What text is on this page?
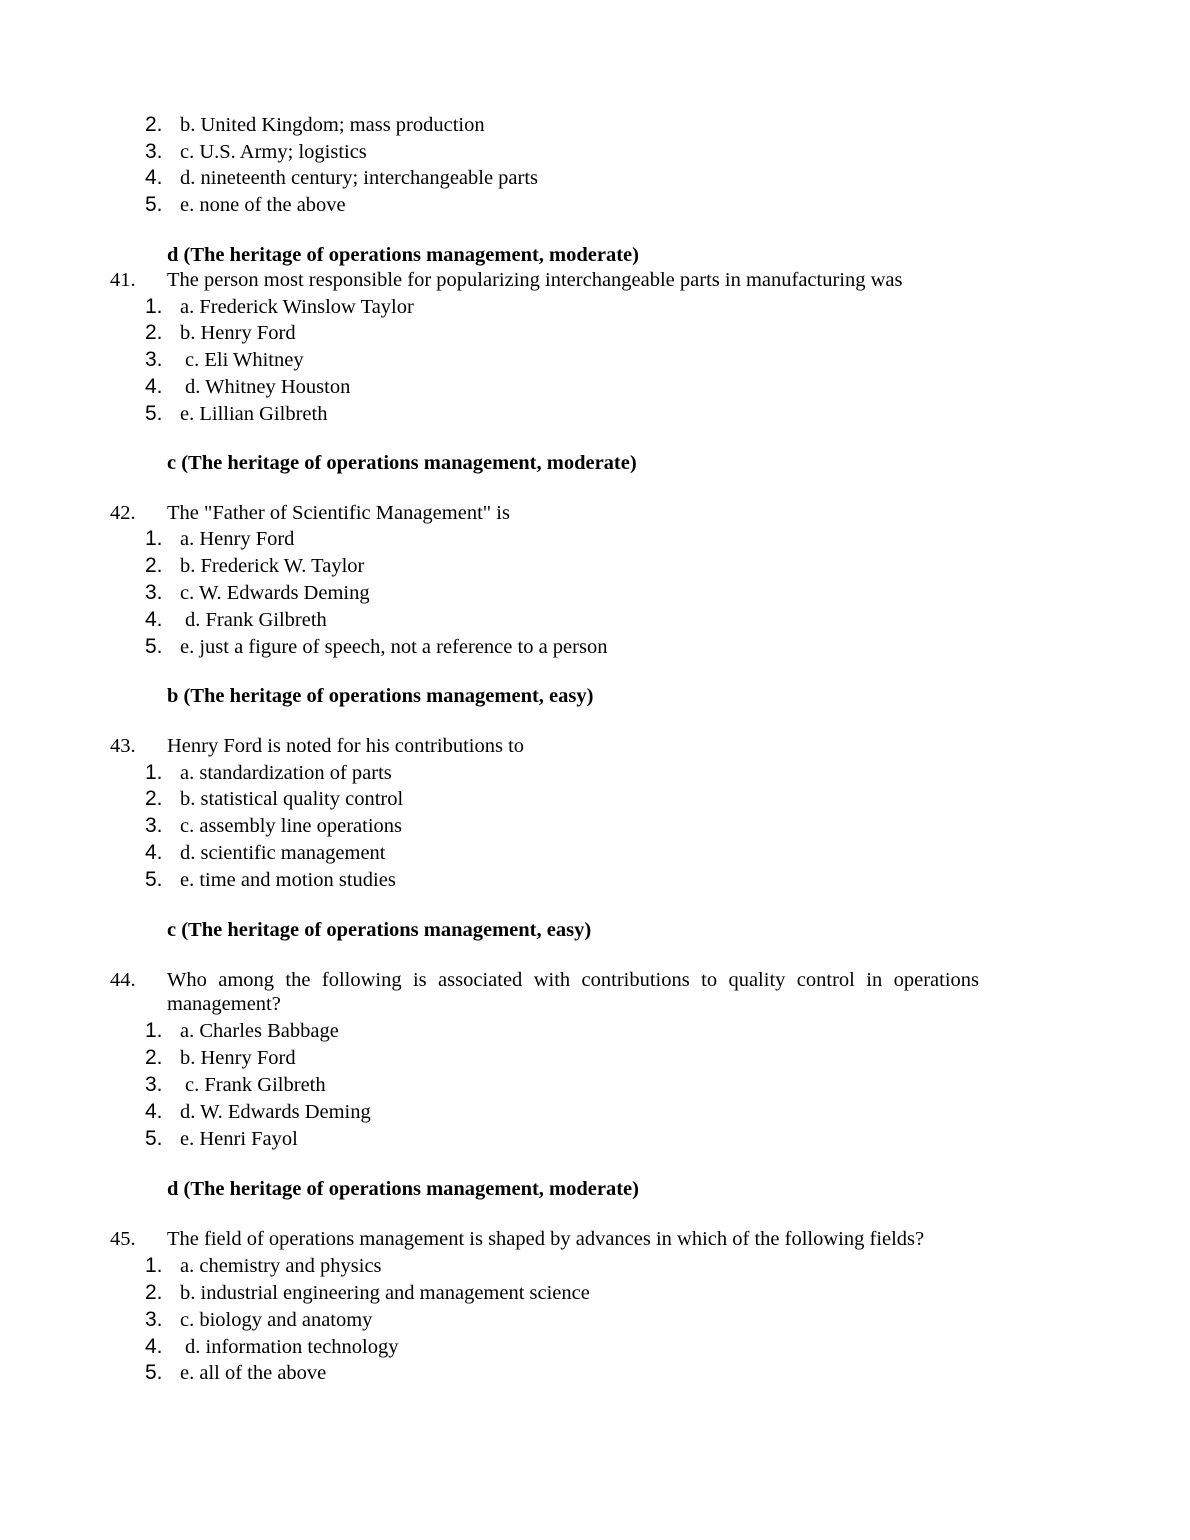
2. b. United Kingdom; mass production
3. c. U.S. Army; logistics
4. d. nineteenth century; interchangeable parts
5. e. none of the above
d (The heritage of operations management, moderate)
41. The person most responsible for popularizing interchangeable parts in manufacturing was
1. a. Frederick Winslow Taylor
2. b. Henry Ford
3.	c. Eli Whitney
4.	d. Whitney Houston
5. e. Lillian Gilbreth
c (The heritage of operations management, moderate)
42. The "Father of Scientific Management" is
1. a. Henry Ford
2. b. Frederick W. Taylor
3. c. W. Edwards Deming
4.	d. Frank Gilbreth
5. e. just a figure of speech, not a reference to a person
b (The heritage of operations management, easy)
43. Henry Ford is noted for his contributions to
1. a. standardization of parts
2. b. statistical quality control
3. c. assembly line operations
4. d. scientific management
5. e. time and motion studies
c (The heritage of operations management, easy)
44. Who among the following is associated with contributions to quality control in operations management?
1. a. Charles Babbage
2. b. Henry Ford
3.	c. Frank Gilbreth
4. d. W. Edwards Deming
5. e. Henri Fayol
d (The heritage of operations management, moderate)
45. The field of operations management is shaped by advances in which of the following fields?
1. a. chemistry and physics
2. b. industrial engineering and management science
3. c. biology and anatomy
4.	d. information technology
5. e. all of the above
